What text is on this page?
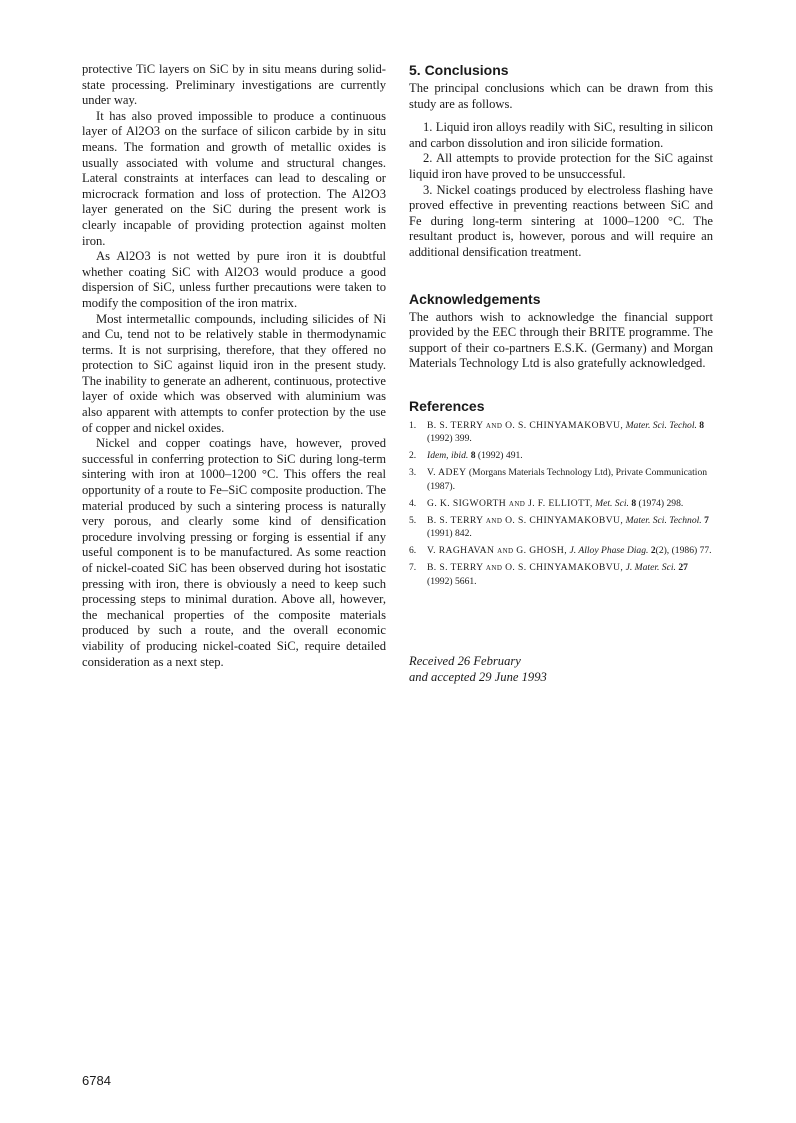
protective TiC layers on SiC by in situ means during solid-state processing. Preliminary investigations are currently under way.

It has also proved impossible to produce a continuous layer of Al2O3 on the surface of silicon carbide by in situ means. The formation and growth of metallic oxides is usually associated with volume and structural changes. Lateral constraints at interfaces can lead to descaling or microcrack formation and loss of protection. The Al2O3 layer generated on the SiC during the present work is clearly incapable of providing protection against molten iron.

As Al2O3 is not wetted by pure iron it is doubtful whether coating SiC with Al2O3 would produce a good dispersion of SiC, unless further precautions were taken to modify the composition of the iron matrix.

Most intermetallic compounds, including silicides of Ni and Cu, tend not to be relatively stable in thermodynamic terms. It is not surprising, therefore, that they offered no protection to SiC against liquid iron in the present study. The inability to generate an adherent, continuous, protective layer of oxide which was observed with aluminium was also apparent with attempts to confer protection by the use of copper and nickel oxides.

Nickel and copper coatings have, however, proved successful in conferring protection to SiC during long-term sintering with iron at 1000–1200 °C. This offers the real opportunity of a route to Fe–SiC composite production. The material produced by such a sintering process is naturally very porous, and clearly some kind of densification procedure involving pressing or forging is essential if any useful component is to be manufactured. As some reaction of nickel-coated SiC has been observed during hot isostatic pressing with iron, there is obviously a need to keep such processing steps to minimal duration. Above all, however, the mechanical properties of the composite materials produced by such a route, and the overall economic viability of producing nickel-coated SiC, require detailed consideration as a next step.

5. Conclusions

The principal conclusions which can be drawn from this study are as follows.

1. Liquid iron alloys readily with SiC, resulting in silicon and carbon dissolution and iron silicide formation.
2. All attempts to provide protection for the SiC against liquid iron have proved to be unsuccessful.
3. Nickel coatings produced by electroless flashing have proved effective in preventing reactions between SiC and Fe during long-term sintering at 1000–1200 °C. The resultant product is, however, porous and will require an additional densification treatment.
Acknowledgements

The authors wish to acknowledge the financial support provided by the EEC through their BRITE programme. The support of their co-partners E.S.K. (Germany) and Morgan Materials Technology Ltd is also gratefully acknowledged.

References
1. B. S. TERRY and O. S. CHINYAMAKOBVU, Mater. Sci. Techol. 8 (1992) 399.
2. Idem, ibid. 8 (1992) 491.
3. V. ADEY (Morgans Materials Technology Ltd), Private Communication (1987).
4. G. K. SIGWORTH and J. F. ELLIOTT, Met. Sci. 8 (1974) 298.
5. B. S. TERRY and O. S. CHINYAMAKOBVU, Mater. Sci. Technol. 7 (1991) 842.
6. V. RAGHAVAN and G. GHOSH, J. Alloy Phase Diag. 2(2), (1986) 77.
7. B. S. TERRY and O. S. CHINYAMAKOBVU, J. Mater. Sci. 27 (1992) 5661.
Received 26 February
and accepted 29 June 1993
6784
